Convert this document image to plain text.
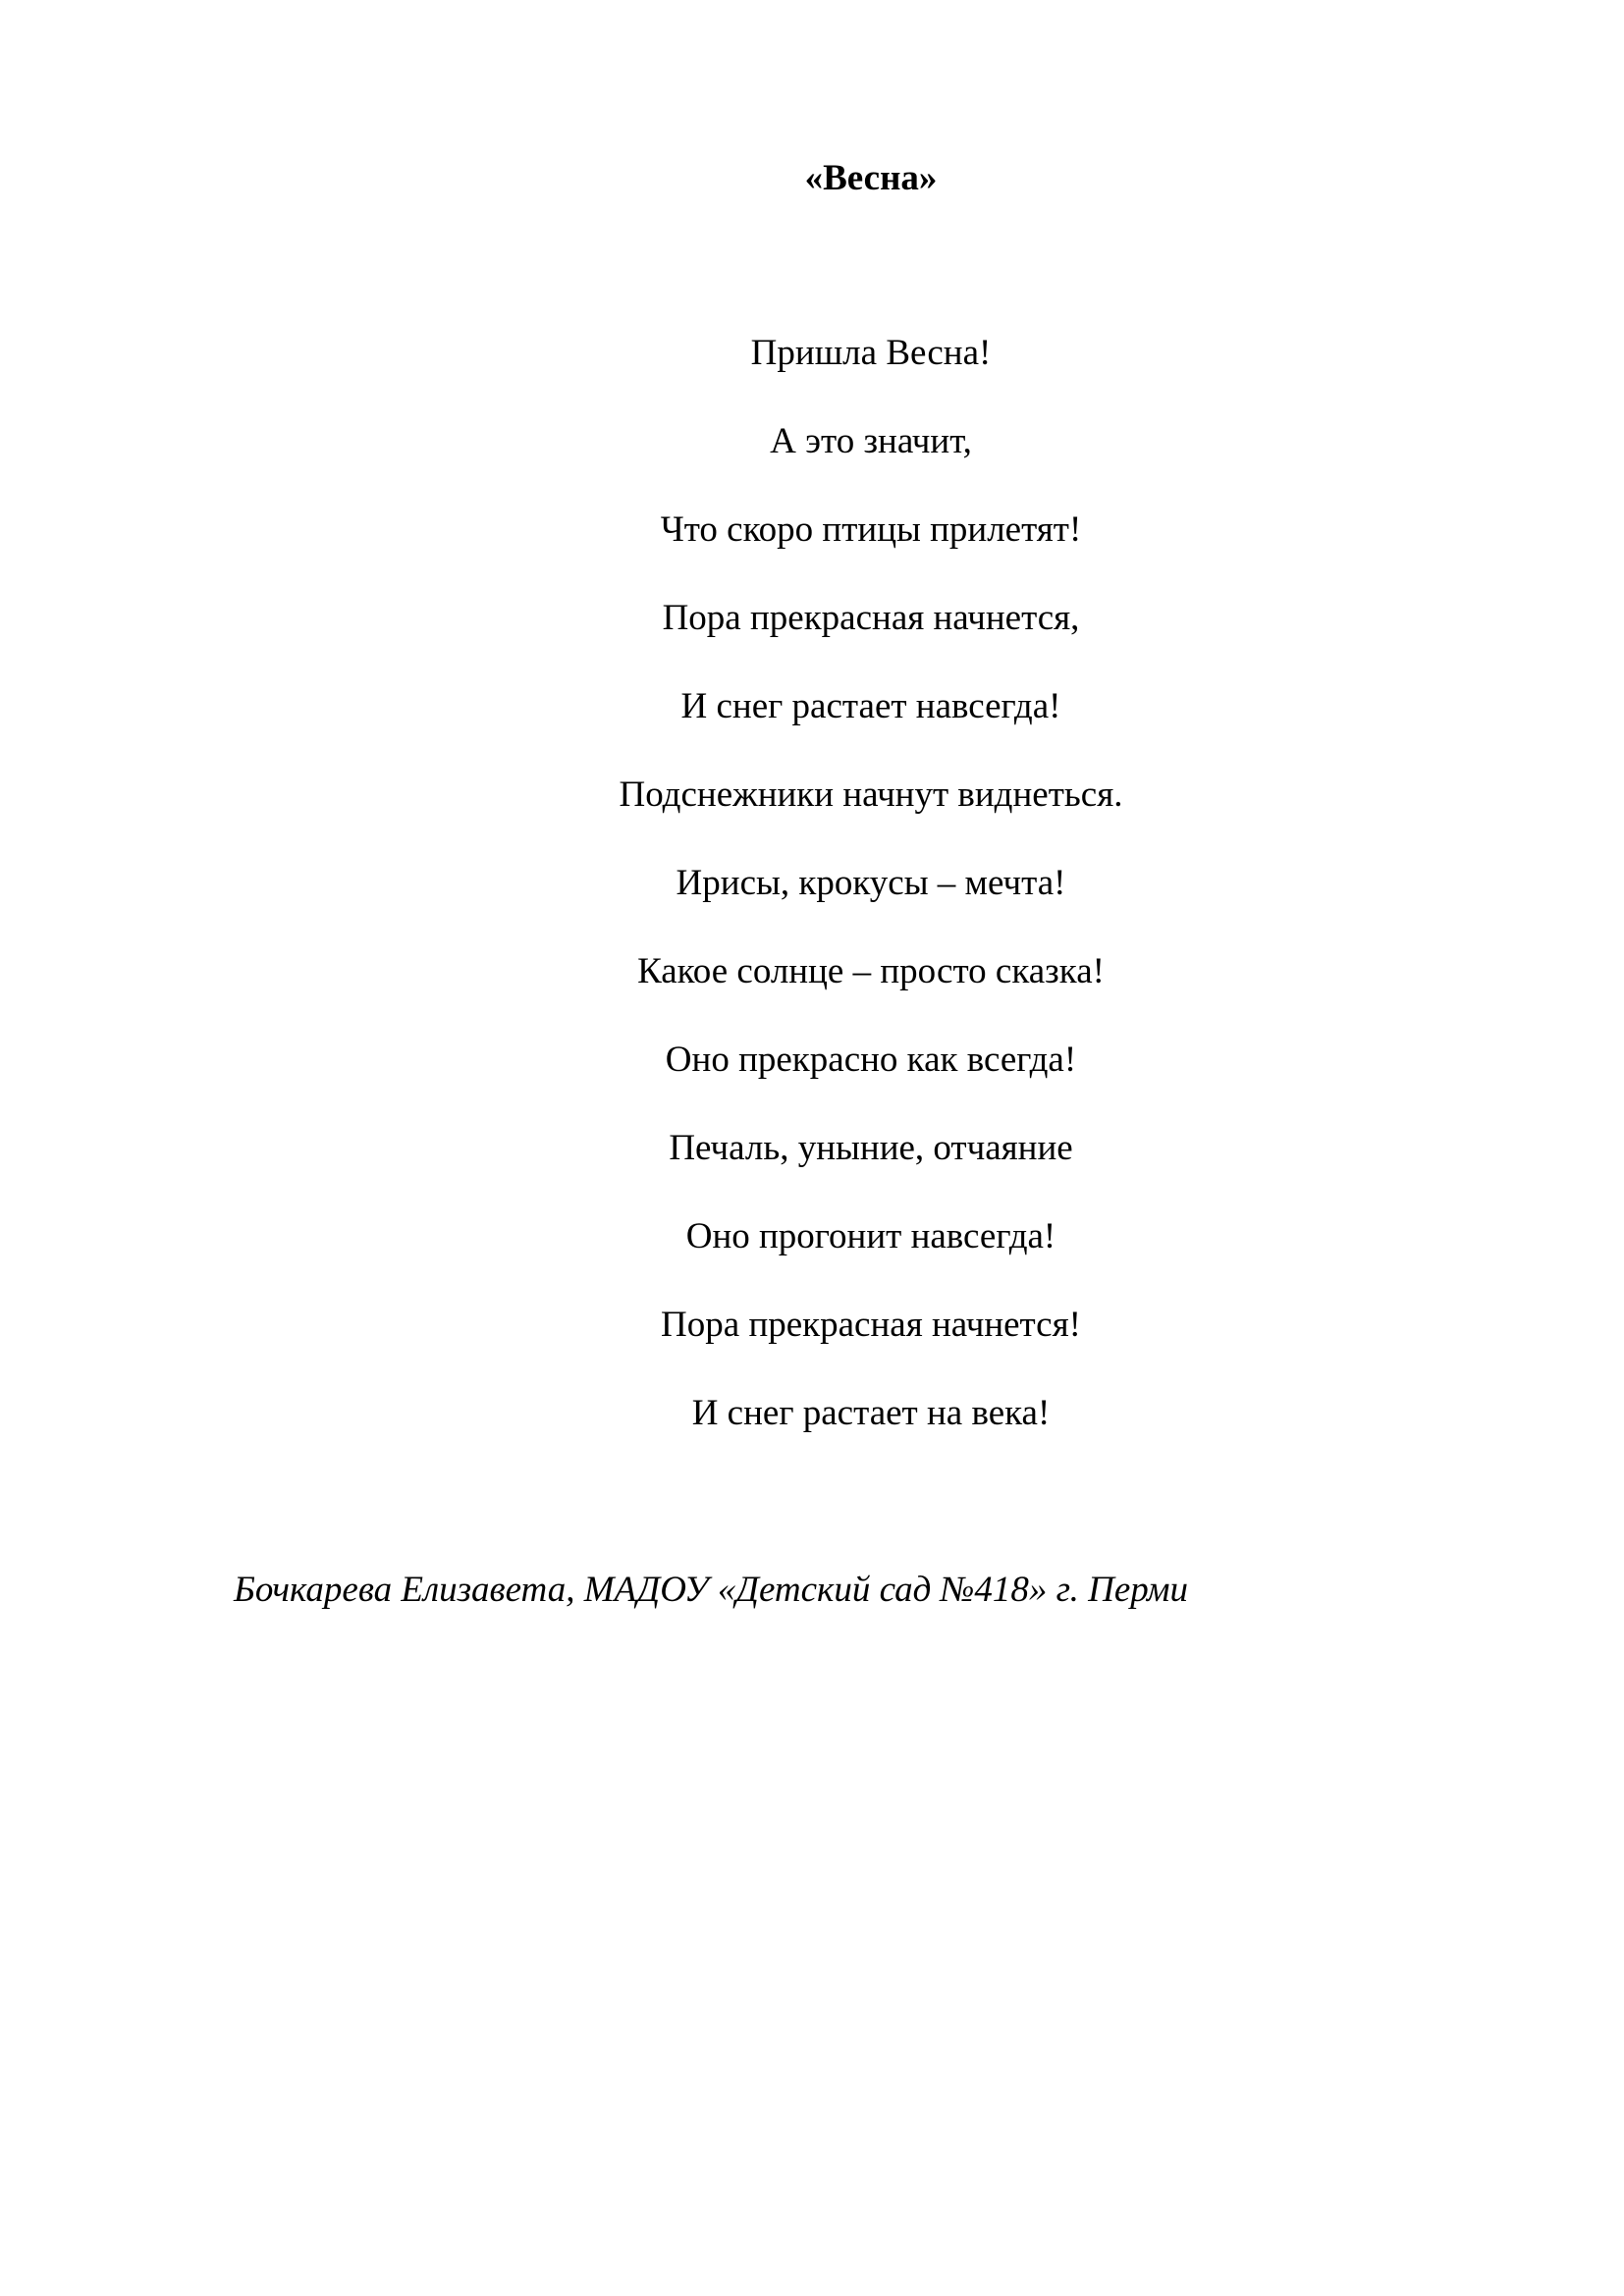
«Весна»
Пришла Весна!
А это значит,
Что скоро птицы прилетят!
Пора прекрасная начнется,
И снег растает навсегда!
Подснежники начнут виднеться.
Ирисы, крокусы – мечта!
Какое солнце – просто сказка!
Оно прекрасно как всегда!
Печаль, уныние, отчаяние
Оно прогонит навсегда!
Пора прекрасная начнется!
И снег растает на века!

Бочкарева Елизавета, МАДОУ «Детский сад №418» г. Перми
